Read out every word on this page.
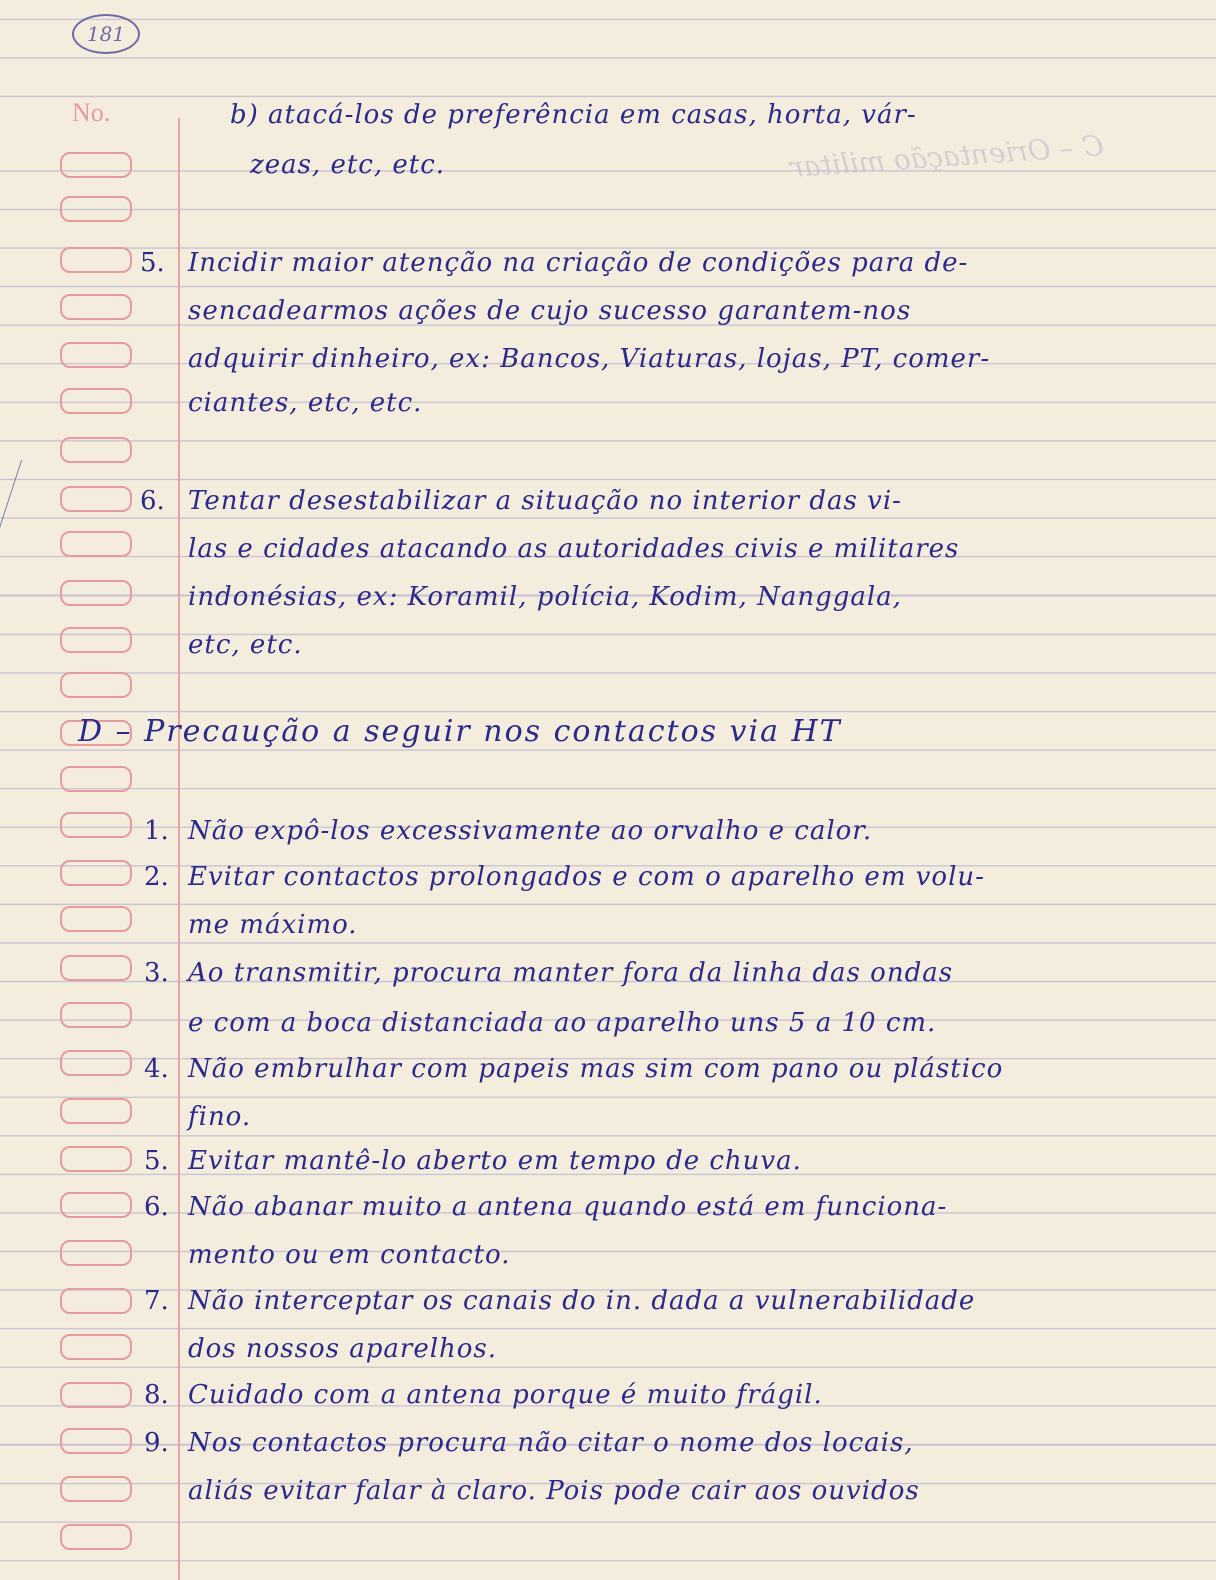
181
No.
C – Orientação militar
b) atacá-los de preferência em casas, horta, vár-
zeas, etc, etc.
5. Incidir maior atenção na criação de condições para de-
sencadearmos ações de cujo sucesso garantem-nos
adquirir dinheiro, ex: Bancos, Viaturas, lojas, PT, comer-
ciantes, etc, etc.
6. Tentar desestabilizar a situação no interior das vi-
las e cidades atacando as autoridades civis e militares
indonésias, ex: Koramil, polícia, Kodim, Nanggala,
etc, etc.
D – Precaução a seguir nos contactos via HT
1. Não expô-los excessivamente ao orvalho e calor.
2. Evitar contactos prolongados e com o aparelho em volu-
me máximo.
3. Ao transmitir, procura manter fora da linha das ondas
e com a boca distanciada ao aparelho uns 5 a 10 cm.
4. Não embrulhar com papeis mas sim com pano ou plástico
fino.
5. Evitar mantê-lo aberto em tempo de chuva.
6. Não abanar muito a antena quando está em funciona-
mento ou em contacto.
7. Não interceptar os canais do in. dada a vulnerabilidade
dos nossos aparelhos.
8. Cuidado com a antena porque é muito frágil.
9. Nos contactos procura não citar o nome dos locais,
aliás evitar falar à claro. Pois pode cair aos ouvidos
